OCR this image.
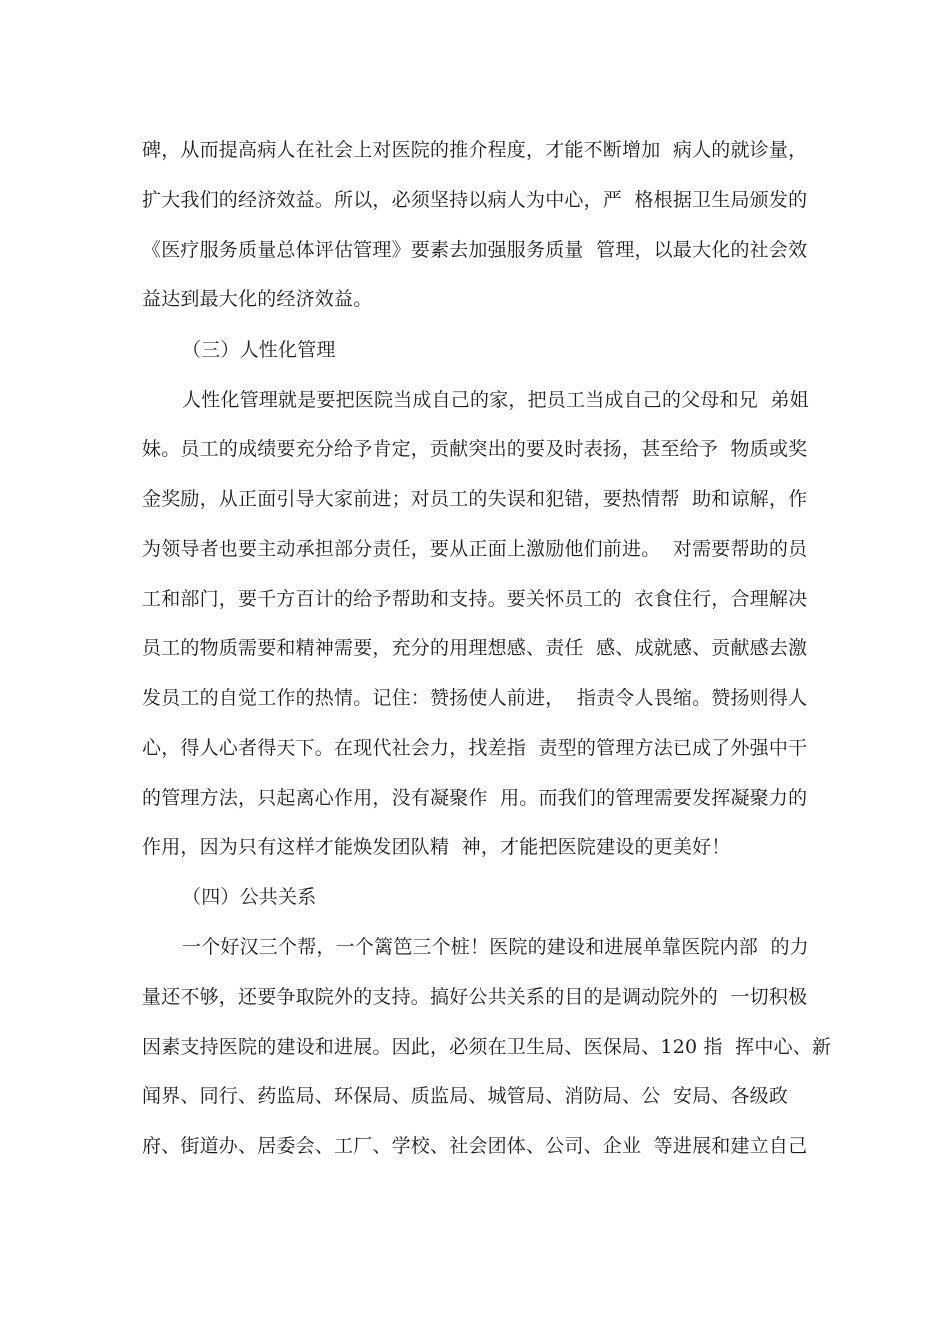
碑，从而提高病人在社会上对医院的推介程度，才能不断增加  病人的就诊量，
扩大我们的经济效益。所以，必须坚持以病人为中心，严  格根据卫生局颁发的
《医疗服务质量总体评估管理》要素去加强服务质量  管理，以最大化的社会效
益达到最大化的经济效益。
（三）人性化管理
人性化管理就是要把医院当成自己的家，把员工当成自己的父母和兄  弟姐
妹。员工的成绩要充分给予肯定，贡献突出的要及时表扬，甚至给予  物质或奖
金奖励，从正面引导大家前进；对员工的失误和犯错，要热情帮  助和谅解，作
为领导者也要主动承担部分责任，要从正面上激励他们前进。  对需要帮助的员
工和部门，要千方百计的给予帮助和支持。要关怀员工的  衣食住行，合理解决
员工的物质需要和精神需要，充分的用理想感、责任  感、成就感、贡献感去激
发员工的自觉工作的热情。记住：赞扬使人前进，  指责令人畏缩。赞扬则得人
心，得人心者得天下。在现代社会力，找差指  责型的管理方法已成了外强中干
的管理方法，只起离心作用，没有凝聚作  用。而我们的管理需要发挥凝聚力的
作用，因为只有这样才能焕发团队精  神，才能把医院建设的更美好！
（四）公共关系
一个好汉三个帮，一个篱笆三个桩！医院的建设和进展单靠医院内部  的力
量还不够，还要争取院外的支持。搞好公共关系的目的是调动院外的  一切积极
因素支持医院的建设和进展。因此，必须在卫生局、医保局、120 指  挥中心、新
闻界、同行、药监局、环保局、质监局、城管局、消防局、公  安局、各级政
府、街道办、居委会、工厂、学校、社会团体、公司、企业  等进展和建立自己
